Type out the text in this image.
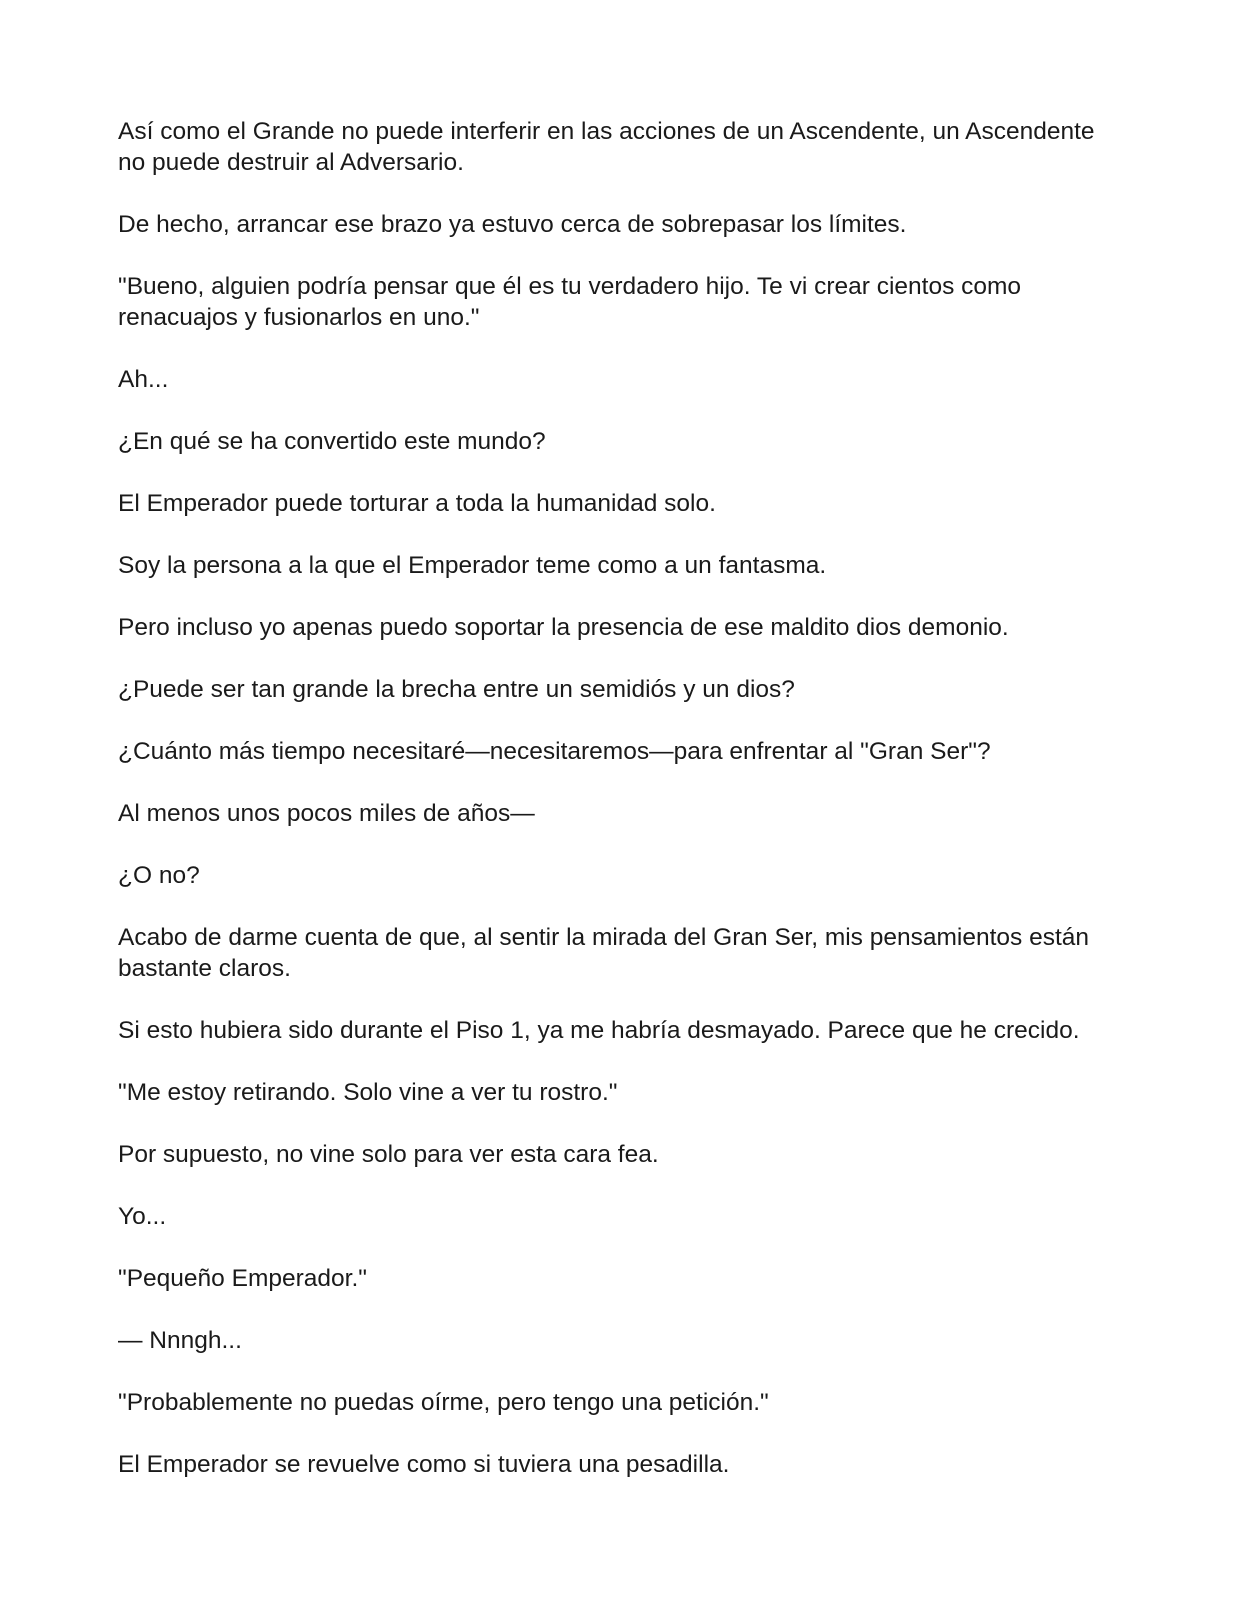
Así como el Grande no puede interferir en las acciones de un Ascendente, un Ascendente no puede destruir al Adversario.

De hecho, arrancar ese brazo ya estuvo cerca de sobrepasar los límites.

"Bueno, alguien podría pensar que él es tu verdadero hijo. Te vi crear cientos como renacuajos y fusionarlos en uno."

Ah...

¿En qué se ha convertido este mundo?

El Emperador puede torturar a toda la humanidad solo.

Soy la persona a la que el Emperador teme como a un fantasma.

Pero incluso yo apenas puedo soportar la presencia de ese maldito dios demonio.

¿Puede ser tan grande la brecha entre un semidiós y un dios?

¿Cuánto más tiempo necesitaré—necesitaremos—para enfrentar al "Gran Ser"?

Al menos unos pocos miles de años—

¿O no?

Acabo de darme cuenta de que, al sentir la mirada del Gran Ser, mis pensamientos están bastante claros.

Si esto hubiera sido durante el Piso 1, ya me habría desmayado. Parece que he crecido.

"Me estoy retirando. Solo vine a ver tu rostro."

Por supuesto, no vine solo para ver esta cara fea.

Yo...

"Pequeño Emperador."

— Nnngh...

"Probablemente no puedas oírme, pero tengo una petición."

El Emperador se revuelve como si tuviera una pesadilla.
